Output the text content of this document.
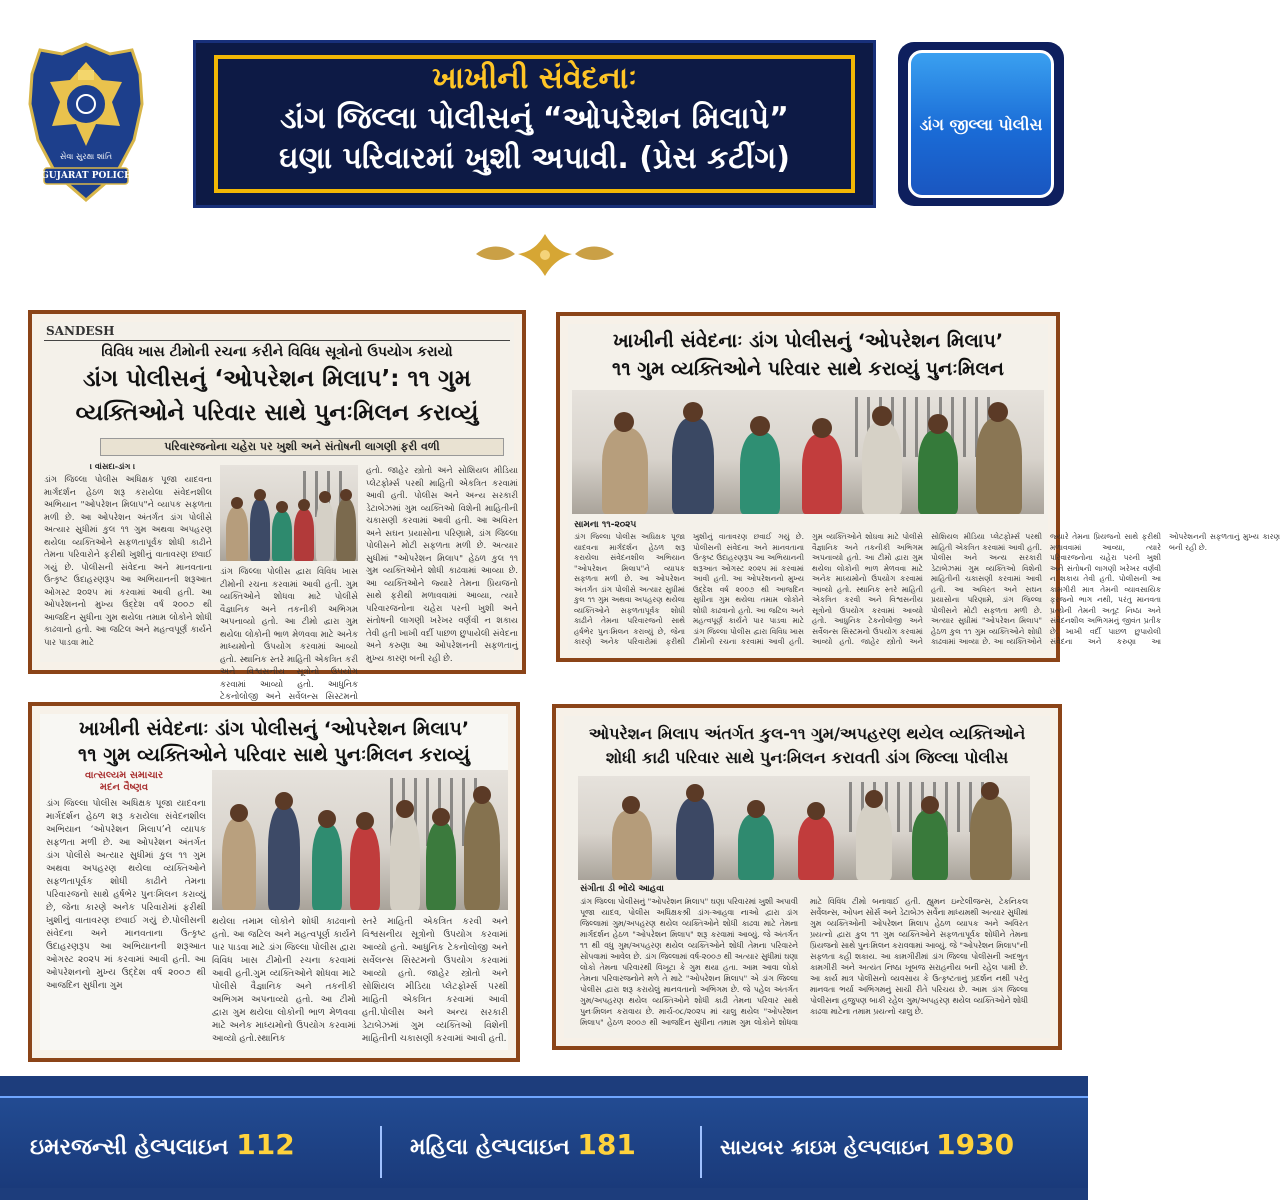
સેવા સુરક્ષા શાંતિ
GUJARAT POLICE
ખાખીની સંવેદનાઃ
ડાંગ જિલ્લા પોલીસનું “ઓપરેશન મિલાપે”
ઘણા પરિવારમાં ખુશી અપાવી. (પ્રેસ કટીંગ)
ડાંગ જીલ્લા પોલીસ
SANDESH
વિવિધ ખાસ ટીમોની રચના કરીને વિવિધ સૂત્રોનો ઉપયોગ કરાયો
ડાંગ પોલીસનું ‘ઓપરેશન મિલાપ’: ૧૧ ગુમ
વ્યક્તિઓને પરિવાર સાથે પુનઃમિલન કરાવ્યું
પરિવારજનોના ચહેરા પર ખુશી અને સંતોષની લાગણી ફરી વળી
। વાંસદા-ડાંગ ।
ડાંગ જિલ્લા પોલીસ અધિક્ષક પૂજા યાદવના માર્ગદર્શન હેઠળ શરૂ કરાયેલા સંવેદનશીલ અભિયાન "ઓપરેશન મિલાપ"ને વ્યાપક સફળતા મળી છે. આ ઓપરેશન અંતર્ગત ડાંગ પોલીસે અત્યાર સુધીમાં કુલ ૧૧ ગુમ અથવા અપહરણ થયેલા વ્યક્તિઓને સફળતાપૂર્વક શોધી કાઢીને તેમના પરિવારોને ફરીથી ખુશીનું વાતાવરણ છવાઈ ગયું છે. પોલીસની સંવેદના અને માનવતાના ઉત્કૃષ્ટ ઉદાહરણરૂપ આ અભિયાનની શરૂઆત ઓગસ્ટ ૨૦૨૫ માં કરવામાં આવી હતી. આ ઓપરેશનનો મુખ્ય ઉદ્દેશ વર્ષ ૨૦૦૭ થી આજદિન સુધીના ગુમ થયેલા તમામ લોકોને શોધી કાઢવાનો હતો. આ જટિલ અને મહત્વપૂર્ણ કાર્યને પાર પાડવા માટે
ડાંગ જિલ્લા પોલીસ દ્વારા વિવિધ ખાસ ટીમોની રચના કરવામાં આવી હતી. ગુમ વ્યક્તિઓને શોધવા માટે પોલીસે વૈજ્ઞાનિક અને તકનીકી અભિગમ અપનાવ્યો હતો. આ ટીમો દ્વારા ગુમ થયેલા લોકોની ભાળ મેળવવા માટે અનેક માધ્યમોનો ઉપયોગ કરવામાં આવ્યો હતો. સ્થાનિક સ્તરે માહિતી એકત્રિત કરી અને વિશ્વસનીય સૂત્રોનો ઉપયોગ કરવામાં આવ્યો હતો. આધુનિક ટેકનોલોજી અને સર્વેલન્સ સિસ્ટમનો
હતો. જાહેર સ્ત્રોતો અને સોશિયલ મીડિયા પ્લેટફોર્મ્સ પરથી માહિતી એકત્રિત કરવામાં આવી હતી. પોલીસ અને અન્ય સરકારી ડેટાબેઝમાં ગુમ વ્યક્તિઓ વિશેની માહિતીની ચકાસણી કરવામાં આવી હતી. આ અવિરત અને સઘન પ્રયાસોના પરિણામે, ડાંગ જિલ્લા પોલીસને મોટી સફળતા મળી છે. અત્યાર સુધીમાં "ઓપરેશન મિલાપ" હેઠળ કુલ ૧૧ ગુમ વ્યક્તિઓને શોધી કાઢવામાં આવ્યા છે. આ વ્યક્તિઓને જ્યારે તેમના પ્રિયજનો સાથે ફરીથી મળાવવામાં આવ્યા, ત્યારે પરિવારજનોના ચહેરા પરની ખુશી અને સંતોષની લાગણી ખરેખર વર્ણવી ન શકાય તેવી હતી ખાખી વર્દી પાછળ છુપાયેલી સંવેદના અને કરુણા આ ઓપરેશનની સફળતાનું મુખ્ય કારણ બની રહી છે.
ખાખીની સંવેદનાઃ ડાંગ પોલીસનું ‘ઓપરેશન મિલાપ’
૧૧ ગુમ વ્યક્તિઓને પરિવાર સાથે કરાવ્યું પુનઃમિલન
સામના ૧૧-૨૦૨૫
ડાંગ જિલ્લા પોલીસ અધિક્ષક પૂજા યાદવના માર્ગદર્શન હેઠળ શરૂ કરાયેલા સંવેદનશીલ અભિયાન "ઓપરેશન મિલાપ"ને વ્યાપક સફળતા મળી છે. આ ઓપરેશન અંતર્ગત ડાંગ પોલીસે અત્યાર સુધીમાં કુલ ૧૧ ગુમ અથવા અપહરણ થયેલા વ્યક્તિઓને સફળતાપૂર્વક શોધી કાઢીને તેમના પરિવારજનો સાથે હર્ષભેર પુનઃમિલન કરાવ્યું છે, જેના કારણે અનેક પરિવારોમાં ફરીથી ખુશીનું વાતાવરણ છવાઈ ગયું છે. પોલીસની સંવેદના અને માનવતાના ઉત્કૃષ્ટ ઉદાહરણરૂપ આ અભિયાનની શરૂઆત ઓગસ્ટ ૨૦૨૫ માં કરવામાં આવી હતી. આ ઓપરેશનનો મુખ્ય ઉદ્દેશ વર્ષ ૨૦૦૭ થી આજદિન સુધીના ગુમ થયેલા તમામ લોકોને શોધી કાઢવાનો હતો. આ જટિલ અને મહત્વપૂર્ણ કાર્યને પાર પાડવા માટે ડાંગ જિલ્લા પોલીસ દ્વારા વિવિધ ખાસ ટીમોની રચના કરવામાં આવી હતી. ગુમ વ્યક્તિઓને શોધવા માટે પોલીસે વૈજ્ઞાનિક અને તકનીકી અભિગમ અપનાવ્યો હતો. આ ટીમો દ્વારા ગુમ થયેલા લોકોની ભાળ મેળવવા માટે અનેક માધ્યમોનો ઉપયોગ કરવામાં આવ્યો હતો. સ્થાનિક સ્તરે માહિતી એકત્રિત કરવી અને વિશ્વસનીય સૂત્રોનો ઉપયોગ કરવામાં આવ્યો હતો. આધુનિક ટેકનોલોજી અને સર્વેલન્સ સિસ્ટમનો ઉપયોગ કરવામાં આવ્યો હતો. જાહેર સ્ત્રોતો અને સોશિયલ મીડિયા પ્લેટફોર્મ્સ પરથી માહિતી એકત્રિત કરવામાં આવી હતી. પોલીસ અને અન્ય સરકારી ડેટાબેઝમાં ગુમ વ્યક્તિઓ વિશેની માહિતીની ચકાસણી કરવામાં આવી હતી. આ અવિરત અને સઘન પ્રયાસોના પરિણામે, ડાંગ જિલ્લા પોલીસને મોટી સફળતા મળી છે. અત્યાર સુધીમાં "ઓપરેશન મિલાપ" હેઠળ કુલ ૧૧ ગુમ વ્યક્તિઓને શોધી કાઢવામાં આવ્યા છે. આ વ્યક્તિઓને જ્યારે તેમના પ્રિયજનો સાથે ફરીથી મળાવવામાં આવ્યા, ત્યારે પરિવારજનોના ચહેરા પરની ખુશી અને સંતોષની લાગણી ખરેખર વર્ણવી ન શકાય તેવી હતી. પોલીસની આ કામગીરી માત્ર તેમની વ્યાવસાયિક ફરજનો ભાગ નથી, પરંતુ માનવતા પ્રત્યેની તેમની અતૂટ નિષ્ઠા અને સંવેદનશીલ અભિગમનું જીવંત પ્રતીક છે. ખાખી વર્દી પાછળ છુપાયેલી સંવેદના અને કરુણા આ ઓપરેશનની સફળતાનું મુખ્ય કારણ બની રહી છે.
ખાખીની સંવેદનાઃ ડાંગ પોલીસનું ‘ઓપરેશન મિલાપ’
૧૧ ગુમ વ્યક્તિઓને પરિવાર સાથે પુનઃમિલન કરાવ્યું
વાત્સલ્યમ સમાચાર
મદન વૈષ્ણવ
ડાંગ જિલ્લા પોલીસ અધિક્ષક પૂજા યાદવના માર્ગદર્શન હેઠળ શરૂ કરાયેલા સંવેદનશીલ અભિયાન ‘ઓપરેશન મિલાપ’ને વ્યાપક સફળતા મળી છે. આ ઓપરેશન અંતર્ગત ડાંગ પોલીસે અત્યાર સુધીમાં કુલ ૧૧ ગુમ અથવા અપહરણ થયેલા વ્યક્તિઓને સફળતાપૂર્વક શોધી કાઢીને તેમના પરિવારજનો સાથે હર્ષભેર પુનઃમિલન કરાવ્યું છે, જેના કારણે અનેક પરિવારોમાં ફરીથી ખુશીનું વાતાવરણ છવાઈ ગયું છે.પોલીસની સંવેદના અને માનવતાના ઉત્કૃષ્ટ ઉદાહરણરૂપ આ અભિયાનની શરૂઆત ઓગસ્ટ ૨૦૨૫ માં કરવામાં આવી હતી. આ ઓપરેશનનો મુખ્ય ઉદ્દેશ વર્ષ ૨૦૦૭ થી આજદિન સુધીના ગુમ
થયેલા તમામ લોકોને શોધી કાઢવાનો હતો. આ જટિલ અને મહત્વપૂર્ણ કાર્યને પાર પાડવા માટે ડાંગ જિલ્લા પોલીસ દ્વારા વિવિધ ખાસ ટીમોની રચના કરવામાં આવી હતી.ગુમ વ્યક્તિઓને શોધવા માટે પોલીસે વૈજ્ઞાનિક અને તકનીકી અભિગમ અપનાવ્યો હતો. આ ટીમો દ્વારા ગુમ થયેલા લોકોની ભાળ મેળવવા માટે અનેક માધ્યમોનો ઉપયોગ કરવામાં આવ્યો હતો.સ્થાનિક
સ્તરે માહિતી એકત્રિત કરવી અને વિશ્વસનીય સૂત્રોનો ઉપયોગ કરવામાં આવ્યો હતો. આધુનિક ટેકનોલોજી અને સર્વેલન્સ સિસ્ટમનો ઉપયોગ કરવામાં આવ્યો હતો. જાહેર સ્ત્રોતો અને સોશિયલ મીડિયા પ્લેટફોર્મ્સ પરથી માહિતી એકત્રિત કરવામાં આવી હતી.પોલીસ અને અન્ય સરકારી ડેટાબેઝમાં ગુમ વ્યક્તિઓ વિશેની માહિતીની ચકાસણી કરવામાં આવી હતી.
ઓપરેશન મિલાપ અંતર્ગત કુલ-૧૧ ગુમ/અપહરણ થયેલ વ્યક્તિઓને
શોધી કાઢી પરિવાર સાથે પુનઃમિલન કરાવતી ડાંગ જિલ્લા પોલીસ
સંગીતા ડી ભોંયે આહવા
ડાંગ જિલ્લા પોલીસનું "ઓપરેશન મિલાપ" ઘણા પરિવારમાં ખુશી અપાવી પૂજા યાદવ, પોલીસ અધિક્ષકશ્રી ડાંગ-આહવા નાઓ દ્વારા ડાંગ જિલ્લામાં ગુમ/અપહરણ થયેલ વ્યક્તિઓને શોધી કાઢવા માટે તેમના માર્ગદર્શન હેઠળ "ઓપરેશન મિલાપ" શરૂ કરવામાં આવ્યું. જે અંતર્ગત ૧૧ થી વધુ ગુમ/અપહરણ થયેલ વ્યક્તિઓને શોધી તેમના પરિવારને સોંપવામાં આવેલ છે. ડાંગ જિલ્લામાં વર્ષ-૨૦૦૭ થી અત્યાર સુધીમાં ઘણા લોકો તેમના પરિવારથી વિખૂટા કે ગુમ થયા હતા. આમ આવા લોકો તેમના પરિવારજનોને મળે તે માટે "ઓપરેશન મિલાપ" એ ડાંગ જિલ્લા પોલીસ દ્વારા શરૂ કરાયેલું માનવતાનો અભિગમ છે. જે પહેલ અંતર્ગત ગુમ/અપહરણ થયેલ વ્યક્તિઓને શોધી કાઢી તેમના પરિવાર સાથે પુનઃમિલન કરાવાય છે. માર્ચ-૦૮/૨૦૨૫ માં ચાલુ થયેલ "ઓપરેશન મિલાપ" હેઠળ ૨૦૦૭ થી આજદિન સુધીના તમામ ગુમ લોકોને શોધવા માટે વિવિધ ટીમો બનાવાઈ હતી. હ્યુમન ઇન્ટેલીજન્સ, ટેકનિકલ સર્વેલન્સ, ઓપન સોર્સ અને ડેટાબેઝ સર્વેના માધ્યમથી અત્યાર સુધીમાં ગુમ વ્યક્તિઓની ઓપરેશન મિલાપ હેઠળ વ્યાપક અને અવિરત પ્રયત્નો દ્વારા કુલ ૧૧ ગુમ વ્યક્તિઓને સફળતાપૂર્વક શોધીને તેમના પ્રિયજનો સાથે પુનઃમિલન કરાવવામાં આવ્યું. જે "ઓપરેશન મિલાપ"ની સફળતા કહી શકાય. આ કામગીરીમાં ડાંગ જિલ્લા પોલીસની અદભુત કામગીરી અને અત્યંત નિષ્ઠા ખૂબજ સરાહનીય બની રહેલ પામી છે. આ કાર્ય માત્ર પોલીસનો વ્યવસાય કે ઉત્કૃષ્ટતાનું પ્રદર્શન નથી પરંતુ માનવતા ભર્યા અભિગમનું સાચી રીતે પરિચય છે. આમ ડાંગ જિલ્લા પોલીસના હજુપણ બાકી રહેલ ગુમ/અપહરણ થયેલ વ્યક્તિઓને શોધી કાઢવા માટેના તમામ પ્રયત્નો ચાલુ છે.
ઇમરજન્સી હેલ્પલાઇન 112	મહિલા હેલ્પલાઇન 181	સાયબર ક્રાઇમ હેલ્પલાઇન 1930
